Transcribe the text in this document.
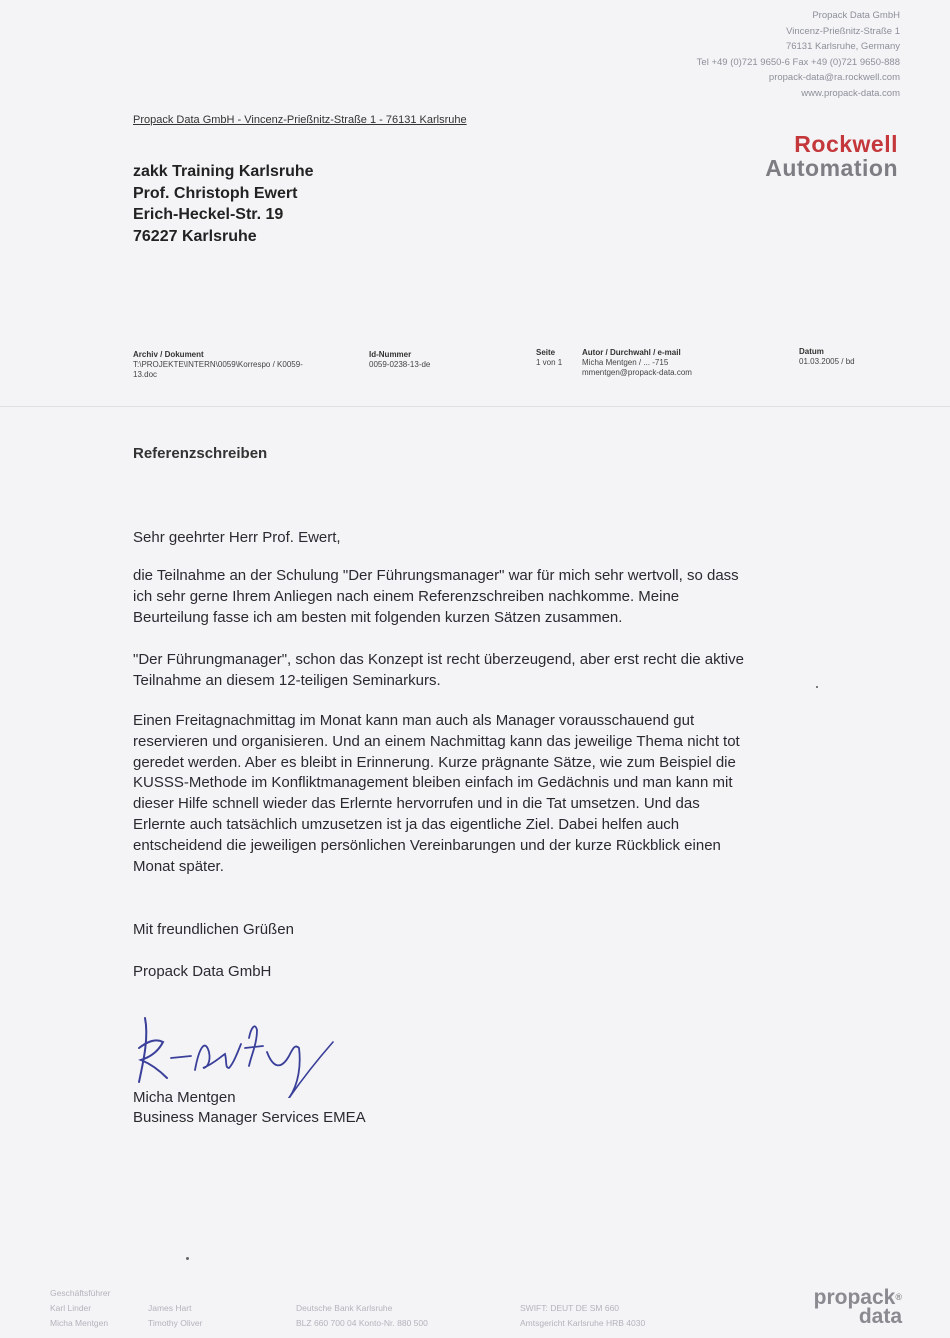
Propack Data GmbH
Vincenz-Prießnitz-Straße 1
76131 Karlsruhe, Germany
Tel +49 (0)721 9650-6 Fax +49 (0)721 9650-888
propack-data@ra.rockwell.com
www.propack-data.com
Propack Data GmbH - Vincenz-Prießnitz-Straße 1 - 76131 Karlsruhe
Rockwell
Automation
zakk Training Karlsruhe
Prof. Christoph Ewert
Erich-Heckel-Str. 19
76227 Karlsruhe
Archiv / Dokument
T:\PROJEKTE\INTERN\0059\Korrespo / K0059-
13.doc
Id-Nummer
0059-0238-13-de
Seite
1 von 1
Autor / Durchwahl / e-mail
Micha Mentgen / ... -715
mmentgen@propack-data.com
Datum
01.03.2005 / bd
Referenzschreiben
Sehr geehrter Herr Prof. Ewert,

die Teilnahme an der Schulung "Der Führungsmanager" war für mich sehr wertvoll, so dass

ich sehr gerne Ihrem Anliegen nach einem Referenzschreiben nachkomme. Meine

Beurteilung fasse ich am besten mit folgenden kurzen Sätzen zusammen.

"Der Führungmanager", schon das Konzept ist recht überzeugend, aber erst recht die aktive

Teilnahme an diesem 12-teiligen Seminarkurs.

Einen Freitagnachmittag im Monat kann man auch als Manager vorausschauend gut

reservieren und organisieren. Und an einem Nachmittag kann das jeweilige Thema nicht tot

geredet werden. Aber es bleibt in Erinnerung. Kurze prägnante Sätze, wie zum Beispiel die

KUSSS-Methode im Konfliktmanagement bleiben einfach im Gedächnis und man kann mit

dieser Hilfe schnell wieder das Erlernte hervorrufen und in die Tat umsetzen. Und das

Erlernte auch tatsächlich umzusetzen ist ja das eigentliche Ziel. Dabei helfen auch

entscheidend die jeweiligen persönlichen Vereinbarungen und der kurze Rückblick einen

Monat später.

Mit freundlichen Grüßen
Propack Data GmbH
Micha Mentgen
Business Manager Services EMEA
Geschäftsführer
Karl Linder
Micha Mentgen
James Hart
Timothy Oliver
Deutsche Bank Karlsruhe
BLZ 660 700 04 Konto-Nr. 880 500
SWIFT: DEUT DE SM 660
Amtsgericht Karlsruhe HRB 4030
propack®
data
